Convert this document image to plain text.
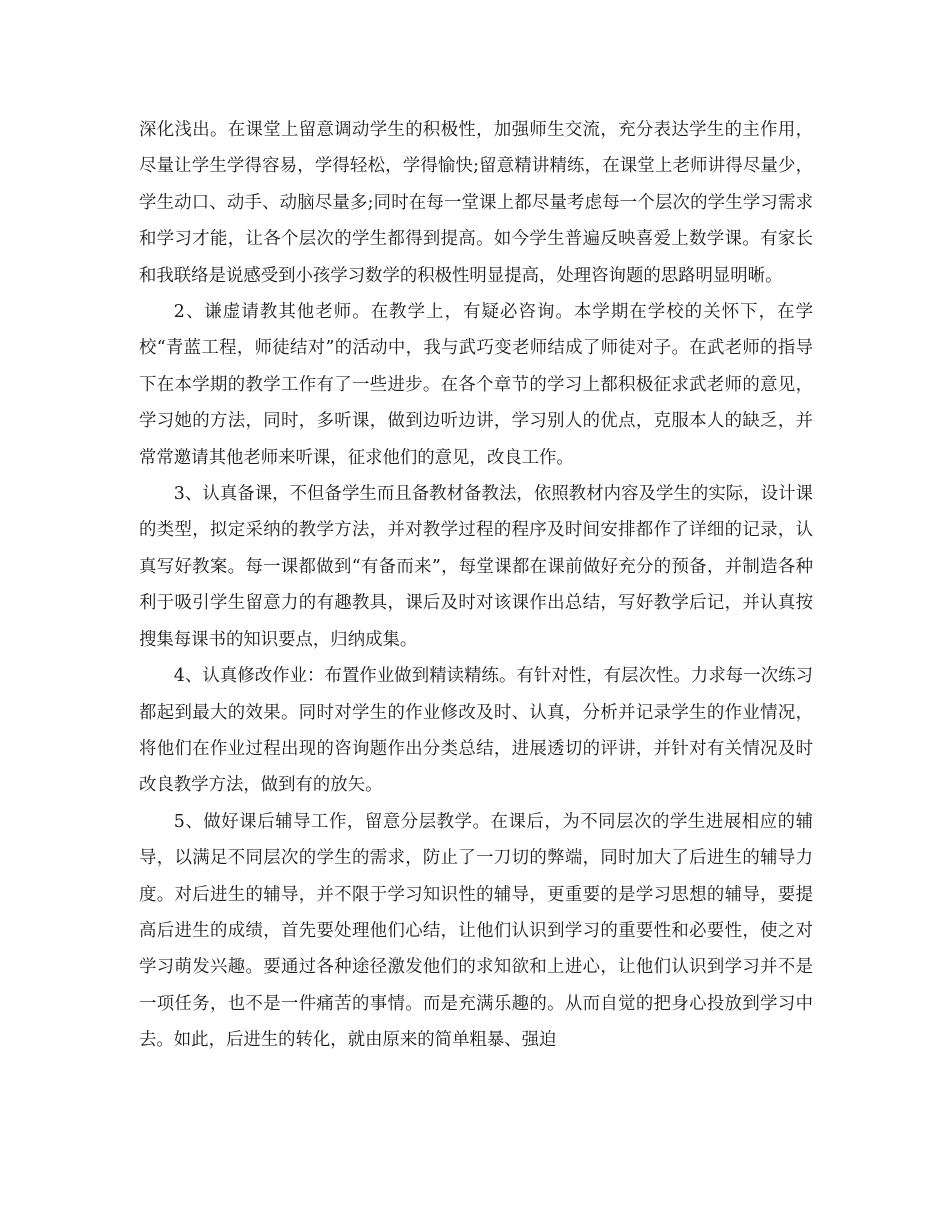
深化浅出。在课堂上留意调动学生的积极性，加强师生交流，充分表达学生的主作用，尽量让学生学得容易，学得轻松，学得愉快;留意精讲精练，在课堂上老师讲得尽量少，学生动口、动手、动脑尽量多;同时在每一堂课上都尽量考虑每一个层次的学生学习需求和学习才能，让各个层次的学生都得到提高。如今学生普遍反映喜爱上数学课。有家长和我联络是说感受到小孩学习数学的积极性明显提高，处理咨询题的思路明显明晰。

2、谦虚请教其他老师。在教学上，有疑必咨询。本学期在学校的关怀下，在学校“青蓝工程，师徒结对”的活动中，我与武巧变老师结成了师徒对子。在武老师的指导下在本学期的教学工作有了一些进步。在各个章节的学习上都积极征求武老师的意见，学习她的方法，同时，多听课，做到边听边讲，学习别人的优点，克服本人的缺乏，并常常邀请其他老师来听课，征求他们的意见，改良工作。

3、认真备课，不但备学生而且备教材备教法，依照教材内容及学生的实际，设计课的类型，拟定采纳的教学方法，并对教学过程的程序及时间安排都作了详细的记录，认真写好教案。每一课都做到“有备而来”，每堂课都在课前做好充分的预备，并制造各种利于吸引学生留意力的有趣教具，课后及时对该课作出总结，写好教学后记，并认真按搜集每课书的知识要点，归纳成集。

4、认真修改作业：布置作业做到精读精练。有针对性，有层次性。力求每一次练习都起到最大的效果。同时对学生的作业修改及时、认真，分析并记录学生的作业情况，将他们在作业过程出现的咨询题作出分类总结，进展透切的评讲，并针对有关情况及时改良教学方法，做到有的放矢。

5、做好课后辅导工作，留意分层教学。在课后，为不同层次的学生进展相应的辅导，以满足不同层次的学生的需求，防止了一刀切的弊端，同时加大了后进生的辅导力度。对后进生的辅导，并不限于学习知识性的辅导，更重要的是学习思想的辅导，要提高后进生的成绩，首先要处理他们心结，让他们认识到学习的重要性和必要性，使之对学习萌发兴趣。要通过各种途径激发他们的求知欲和上进心，让他们认识到学习并不是一项任务，也不是一件痛苦的事情。而是充满乐趣的。从而自觉的把身心投放到学习中去。如此，后进生的转化，就由原来的简单粗暴、强迫
